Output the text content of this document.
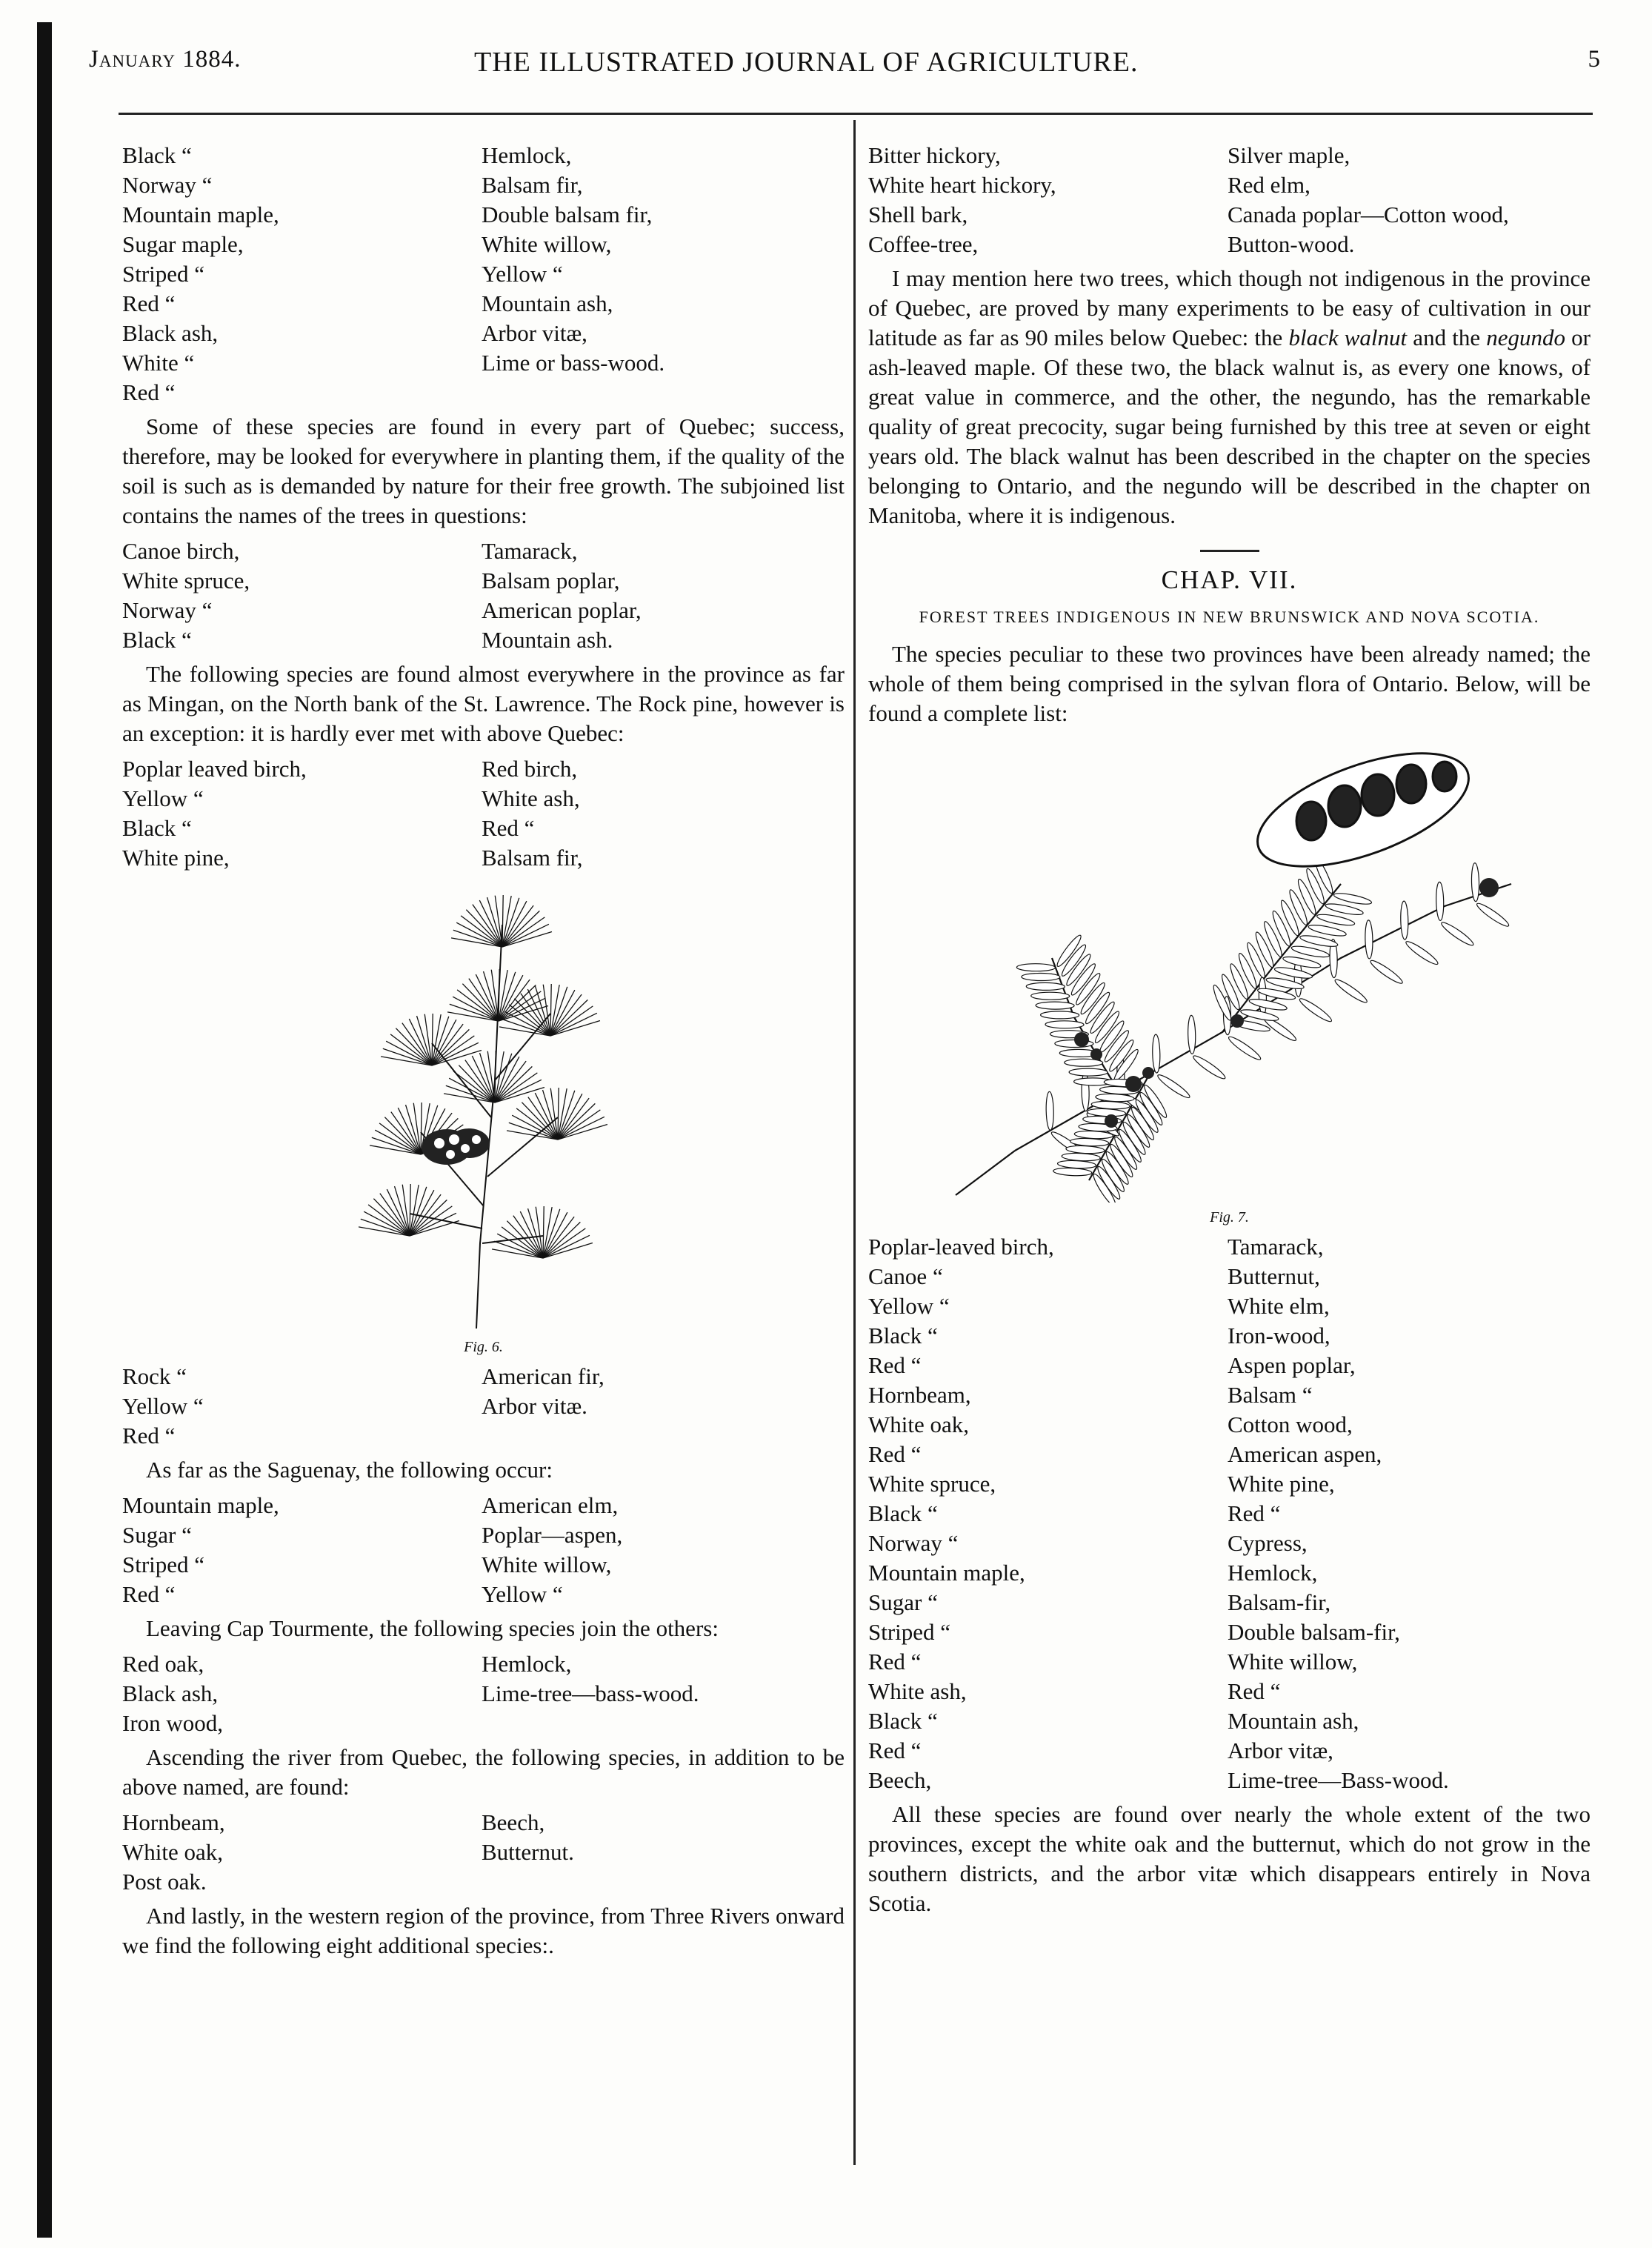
January 1884.	THE ILLUSTRATED JOURNAL OF AGRICULTURE.	5
Black “	Hemlock,
Norway “	Balsam fir,
Mountain maple,	Double balsam fir,
Sugar maple,	White willow,
Striped “	Yellow “
Red “	Mountain ash,
Black ash,	Arbor vitæ,
White “	Lime or bass-wood.
Red “

Some of these species are found in every part of Quebec; success, therefore, may be looked for everywhere in planting them, if the quality of the soil is such as is demanded by nature for their free growth. The subjoined list contains the names of the trees in questions:

Canoe birch,	Tamarack,
White spruce,	Balsam poplar,
Norway “	American poplar,
Black “	Mountain ash.

The following species are found almost everywhere in the province as far as Mingan, on the North bank of the St. Lawrence. The Rock pine, however is an exception: it is hardly ever met with above Quebec:

Poplar leaved birch,	Red birch,
Yellow “	White ash,
Black “	Red “
White pine,	Balsam fir,

Fig. 6.

Rock “	American fir,
Yellow “	Arbor vitæ.
Red “

As far as the Saguenay, the following occur:

Mountain maple,	American elm,
Sugar “	Poplar—aspen,
Striped “	White willow,
Red “	Yellow “

Leaving Cap Tourmente, the following species join the others:

Red oak,	Hemlock,
Black ash,	Lime-tree—bass-wood.
Iron wood,

Ascending the river from Quebec, the following species, in addition to be above named, are found:

Hornbeam,	Beech,
White oak,	Butternut.
Post oak.

And lastly, in the western region of the province, from Three Rivers onward we find the following eight additional species:.

Bitter hickory,	Silver maple,
White heart hickory,	Red elm,
Shell bark,	Canada poplar—Cotton wood,
Coffee-tree,	Button-wood.

I may mention here two trees, which though not indigenous in the province of Quebec, are proved by many experiments to be easy of cultivation in our latitude as far as 90 miles below Quebec: the black walnut and the negundo or ash-leaved maple. Of these two, the black walnut is, as every one knows, of great value in commerce, and the other, the negundo, has the remarkable quality of great precocity, sugar being furnished by this tree at seven or eight years old. The black walnut has been described in the chapter on the species belonging to Ontario, and the negundo will be described in the chapter on Manitoba, where it is indigenous.

CHAP. VII.
FOREST TREES INDIGENOUS IN NEW BRUNSWICK AND NOVA SCOTIA.

The species peculiar to these two provinces have been already named; the whole of them being comprised in the sylvan flora of Ontario. Below, will be found a complete list:

Fig. 7.

Poplar-leaved birch,	Tamarack,
Canoe “	Butternut,
Yellow “	White elm,
Black “	Iron-wood,
Red “	Aspen poplar,
Hornbeam,	Balsam “
White oak,	Cotton wood,
Red “	American aspen,
White spruce,	White pine,
Black “	Red “
Norway “	Cypress,
Mountain maple,	Hemlock,
Sugar “	Balsam-fir,
Striped “	Double balsam-fir,
Red “	White willow,
White ash,	Red “
Black “	Mountain ash,
Red “	Arbor vitæ,
Beech,	Lime-tree—Bass-wood.

All these species are found over nearly the whole extent of the two provinces, except the white oak and the butternut, which do not grow in the southern districts, and the arbor vitæ which disappears entirely in Nova Scotia.
